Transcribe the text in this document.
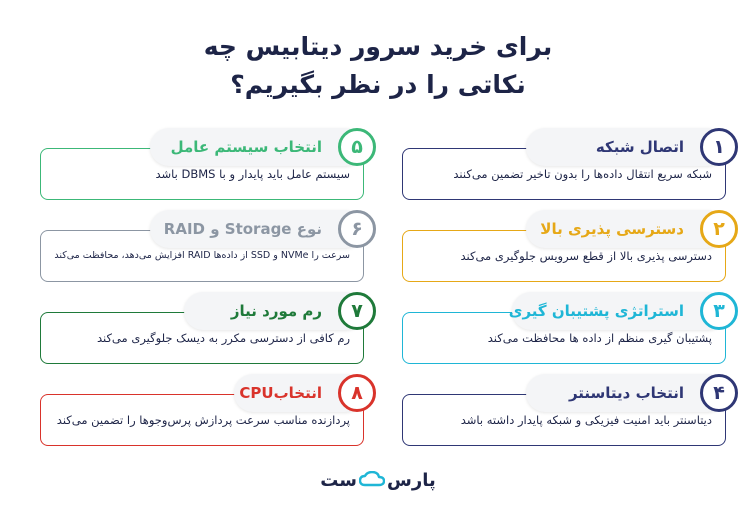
برای خرید سرور دیتابیس چه
نکاتی را در نظر بگیریم؟
اتصال شبکه	۱
شبکه سریع انتقال داده‌ها را بدون تاخیر تضمین می‌کنند
دسترسی پذیری بالا	۲
دسترسی پذیری بالا از قطع سرویس جلوگیری می‌کند
استراتژی پشتیبان گیری	۳
پشتیبان گیری منظم از داده ها محافظت می‌کند
انتخاب دیتاسنتر	۴
دیتاسنتر باید امنیت فیزیکی و شبکه پایدار داشته باشد
انتخاب سیستم عامل	۵
سیستم عامل باید پایدار و با DBMS باشد
نوع Storage و RAID	۶
سرعت را NVMe و SSD از داده‌ها RAID افزایش می‌دهد، محافظت می‌کند
رم مورد نیاز	۷
رم کافی از دسترسی مکرر به دیسک جلوگیری می‌کند
انتخابCPU	۸
پردازنده مناسب سرعت پردازش پرس‌وجوها را تضمین می‌کند
پارسست
